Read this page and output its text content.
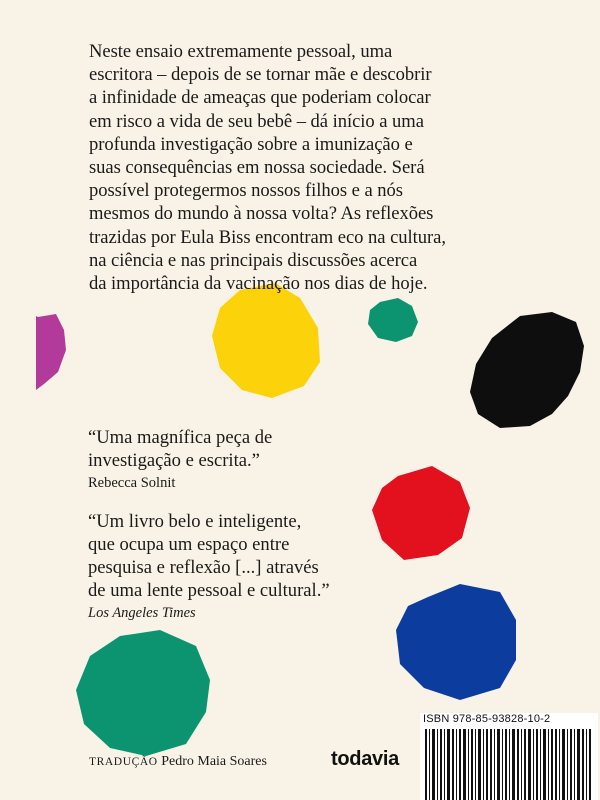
Neste ensaio extremamente pessoal, uma

escritora – depois de se tornar mãe e descobrir

a infinidade de ameaças que poderiam colocar

em risco a vida de seu bebê – dá início a uma

profunda investigação sobre a imunização e

suas consequências em nossa sociedade. Será

possível protegermos nossos filhos e a nós

mesmos do mundo à nossa volta? As reflexões

trazidas por Eula Biss encontram eco na cultura,

na ciência e nas principais discussões acerca

da importância da vacinação nos dias de hoje.

“Uma magnífica peça de
investigação e escrita.”

Rebecca Solnit

“Um livro belo e inteligente,
que ocupa um espaço entre
pesquisa e reflexão [...] através
de uma lente pessoal e cultural.”

Los Angeles Times

TRADUÇÃO Pedro Maia Soares	todavia
ISBN 978-85-93828-10-2
